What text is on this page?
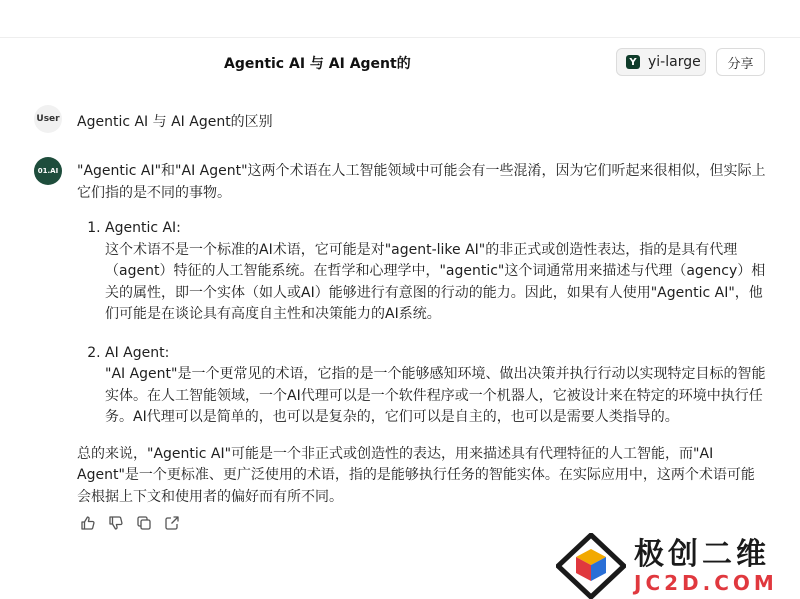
Agentic AI 与 AI Agent的	Y yi-large	分享
User Agentic AI 与 AI Agent的区别
01.AI "Agentic AI"和"AI Agent"这两个术语在人工智能领域中可能会有一些混淆，因为它们听起来很相似，但实际上它们指的是不同的事物。

1. Agentic AI:
这个术语不是一个标准的AI术语，它可能是对"agent-like AI"的非正式或创造性表达，指的是具有代理（agent）特征的人工智能系统。在哲学和心理学中，"agentic"这个词通常用来描述与代理（agency）相关的属性，即一个实体（如人或AI）能够进行有意图的行动的能力。因此，如果有人使用"Agentic AI"，他们可能是在谈论具有高度自主性和决策能力的AI系统。
2. AI Agent:
"AI Agent"是一个更常见的术语，它指的是一个能够感知环境、做出决策并执行行动以实现特定目标的智能实体。在人工智能领域，一个AI代理可以是一个软件程序或一个机器人，它被设计来在特定的环境中执行任务。AI代理可以是简单的，也可以是复杂的，它们可以是自主的，也可以是需要人类指导的。

总的来说，"Agentic AI"可能是一个非正式或创造性的表达，用来描述具有代理特征的人工智能，而"AI Agent"是一个更标准、更广泛使用的术语，指的是能够执行任务的智能实体。在实际应用中，这两个术语可能会根据上下文和使用者的偏好而有所不同。

极创二维
JC2D.COM
